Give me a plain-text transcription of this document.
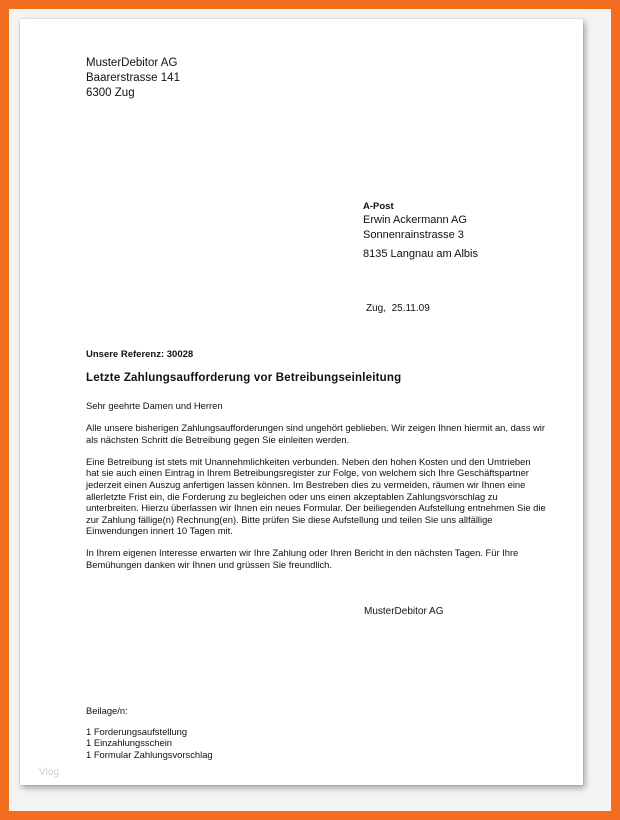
MusterDebitor AG
Baarerstrasse 141
6300 Zug
A-Post
Erwin Ackermann AG
Sonnenrainstrasse 3
8135 Langnau am Albis
Zug,  25.11.09
Unsere Referenz: 30028
Letzte Zahlungsaufforderung vor Betreibungseinleitung

Sehr geehrte Damen und Herren

Alle unsere bisherigen Zahlungsaufforderungen sind ungehört geblieben. Wir zeigen Ihnen hiermit an, dass wir als nächsten Schritt die Betreibung gegen Sie einleiten werden.

Eine Betreibung ist stets mit Unannehmlichkeiten verbunden. Neben den hohen Kosten und den Umtrieben hat sie auch einen Eintrag in Ihrem Betreibungsregister zur Folge, von welchem sich Ihre Geschäftspartner jederzeit einen Auszug anfertigen lassen können. Im Bestreben dies zu vermeiden, räumen wir Ihnen eine allerletzte Frist ein, die Forderung zu begleichen oder uns einen akzeptablen Zahlungsvorschlag zu unterbreiten. Hierzu überlassen wir Ihnen ein neues Formular. Der beiliegenden Aufstellung entnehmen Sie die zur Zahlung fällige(n) Rechnung(en). Bitte prüfen Sie diese Aufstellung und teilen Sie uns allfällige Einwendungen innert 10 Tagen mit.

In Ihrem eigenen Interesse erwarten wir Ihre Zahlung oder Ihren Bericht in den nächsten Tagen. Für Ihre Bemühungen danken wir Ihnen und grüssen Sie freundlich.

MusterDebitor AG
Beilage/n:
1 Forderungsaufstellung
1 Einzahlungsschein
1 Formular Zahlungsvorschlag
Vlog
